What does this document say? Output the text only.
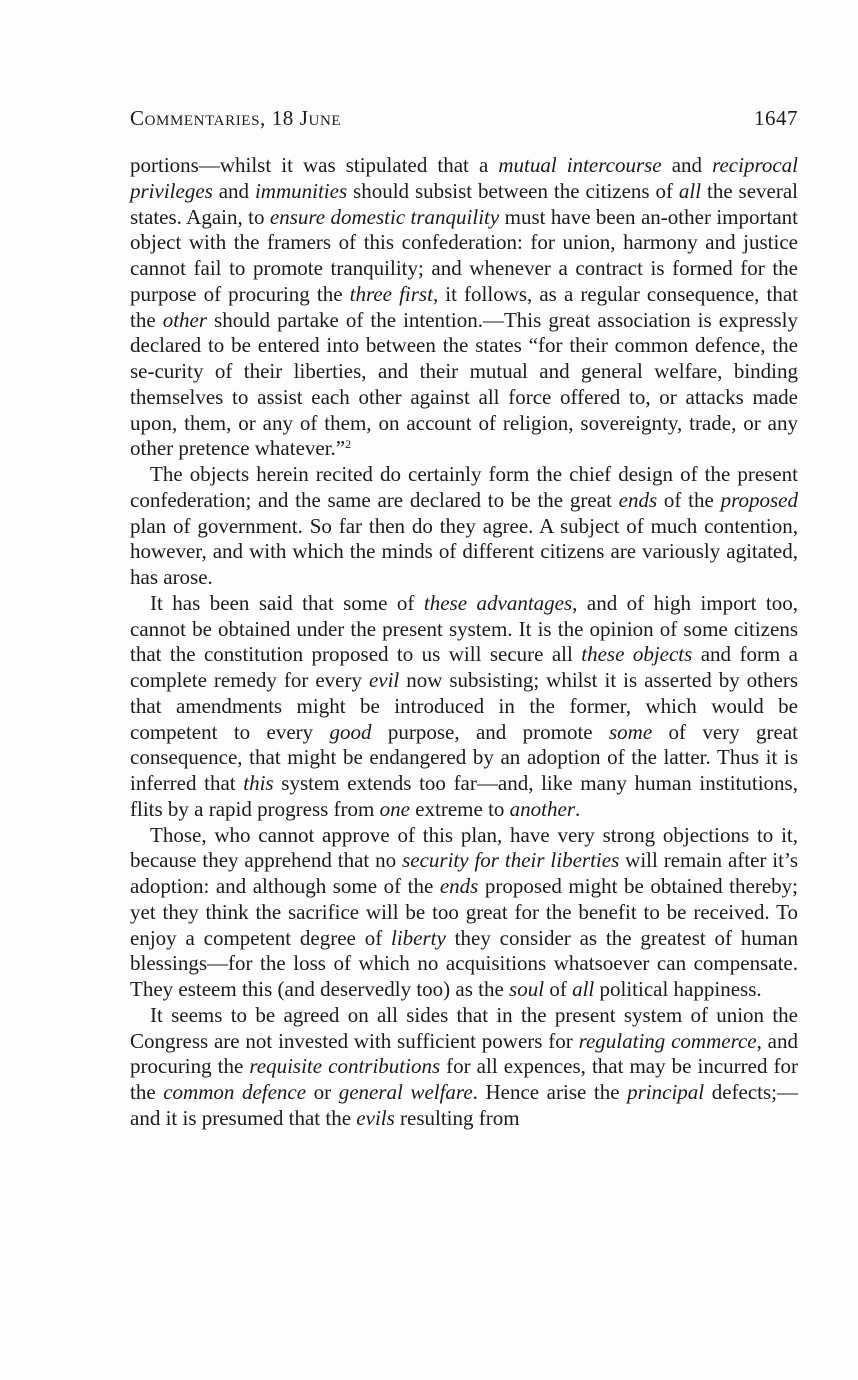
Commentaries, 18 June	1647

portions—whilst it was stipulated that a mutual intercourse and reciprocal privileges and immunities should subsist between the citizens of all the several states. Again, to ensure domestic tranquility must have been an-other important object with the framers of this confederation: for union, harmony and justice cannot fail to promote tranquility; and whenever a contract is formed for the purpose of procuring the three first, it follows, as a regular consequence, that the other should partake of the intention.—This great association is expressly declared to be entered into between the states “for their common defence, the se-curity of their liberties, and their mutual and general welfare, binding themselves to assist each other against all force offered to, or attacks made upon, them, or any of them, on account of religion, sovereignty, trade, or any other pretence whatever.”$^2$

The objects herein recited do certainly form the chief design of the present confederation; and the same are declared to be the great ends of the proposed plan of government. So far then do they agree. A subject of much contention, however, and with which the minds of different citizens are variously agitated, has arose.

It has been said that some of these advantages, and of high import too, cannot be obtained under the present system. It is the opinion of some citizens that the constitution proposed to us will secure all these objects and form a complete remedy for every evil now subsisting; whilst it is asserted by others that amendments might be introduced in the former, which would be competent to every good purpose, and promote some of very great consequence, that might be endangered by an adoption of the latter. Thus it is inferred that this system extends too far—and, like many human institutions, flits by a rapid progress from one extreme to another.

Those, who cannot approve of this plan, have very strong objections to it, because they apprehend that no security for their liberties will remain after it’s adoption: and although some of the ends proposed might be obtained thereby; yet they think the sacrifice will be too great for the benefit to be received. To enjoy a competent degree of liberty they consider as the greatest of human blessings—for the loss of which no acquisitions whatsoever can compensate. They esteem this (and deservedly too) as the soul of all political happiness.

It seems to be agreed on all sides that in the present system of union the Congress are not invested with sufficient powers for regulating commerce, and procuring the requisite contributions for all expences, that may be incurred for the common defence or general welfare. Hence arise the principal defects;—and it is presumed that the evils resulting from
